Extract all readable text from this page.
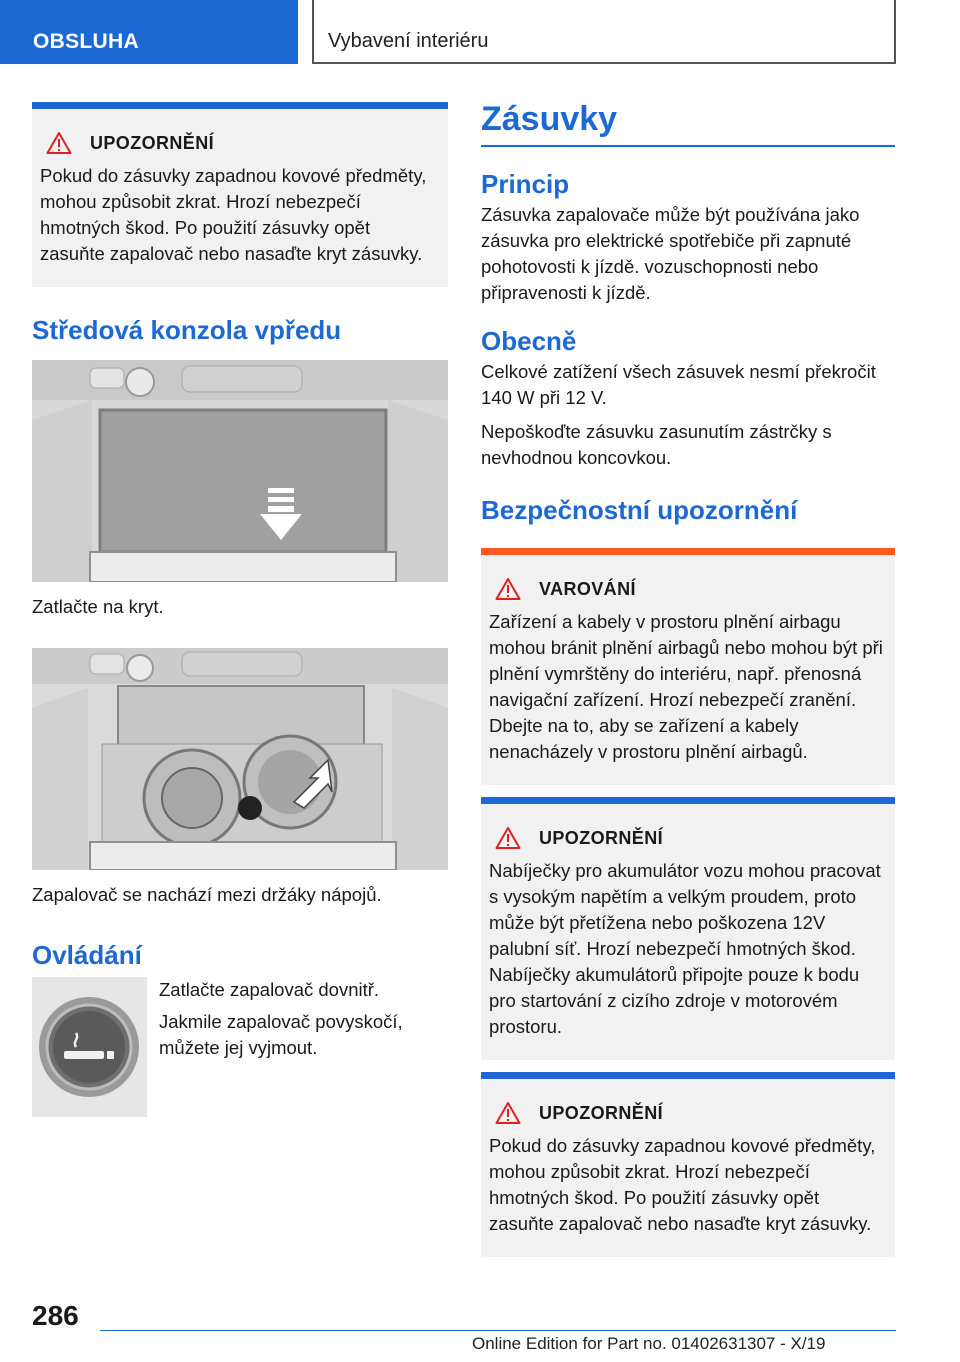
OBSLUHA	Vybavení interiéru
UPOZORNĚNÍ
Pokud do zásuvky zapadnou kovové předměty, mohou způsobit zkrat. Hrozí nebezpečí hmotných škod. Po použití zásuvky opět zasuňte zapalovač nebo nasaďte kryt zásuvky.
Středová konzola vpředu
Zatlačte na kryt.
Zapalovač se nachází mezi držáky nápojů.
Ovládání

Zatlačte zapalovač dovnitř.

Jakmile zapalovač povyskočí, můžete jej vyjmout.

Zásuvky
Princip
Zásuvka zapalovače může být používána jako zásuvka pro elektrické spotřebiče při zapnuté pohotovosti k jízdě. vozuschopnosti nebo připravenosti k jízdě.
Obecně
Celkové zatížení všech zásuvek nesmí překročit 140 W při 12 V.
Nepoškoďte zásuvku zasunutím zástrčky s nevhodnou koncovkou.
Bezpečnostní upozornění
VAROVÁNÍ
Zařízení a kabely v prostoru plnění airbagu mohou bránit plnění airbagů nebo mohou být při plnění vymrštěny do interiéru, např. přenosná navigační zařízení. Hrozí nebezpečí zranění. Dbejte na to, aby se zařízení a kabely nenacházely v prostoru plnění airbagů.
UPOZORNĚNÍ
Nabíječky pro akumulátor vozu mohou pracovat s vysokým napětím a velkým proudem, proto může být přetížena nebo poškozena 12V palubní síť. Hrozí nebezpečí hmotných škod. Nabíječky akumulátorů připojte pouze k bodu pro startování z cizího zdroje v motorovém prostoru.
UPOZORNĚNÍ
Pokud do zásuvky zapadnou kovové předměty, mohou způsobit zkrat. Hrozí nebezpečí hmotných škod. Po použití zásuvky opět zasuňte zapalovač nebo nasaďte kryt zásuvky.
286
Online Edition for Part no. 01402631307 - X/19
